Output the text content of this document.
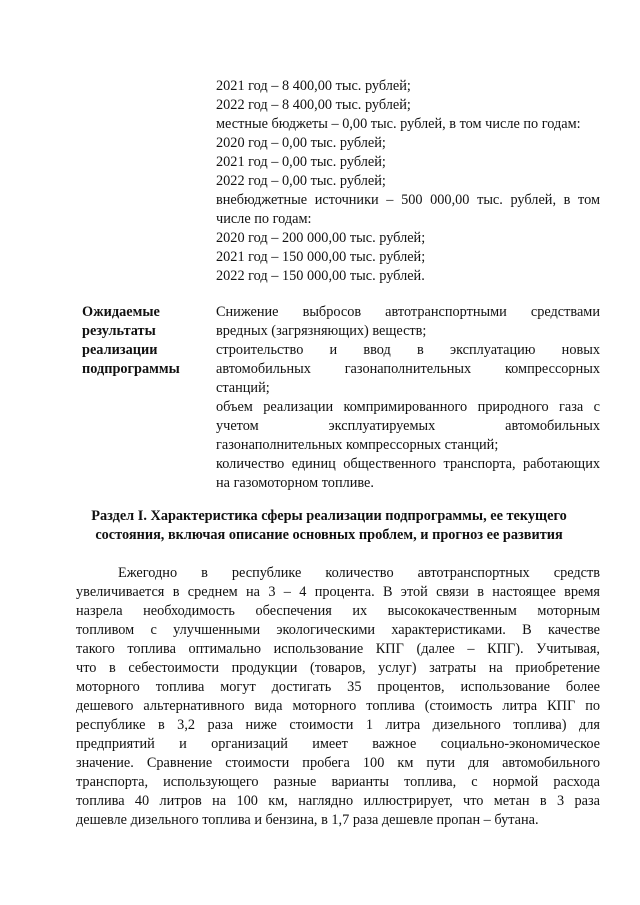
2021 год – 8 400,00 тыс. рублей;
2022 год – 8 400,00 тыс. рублей;
местные бюджеты – 0,00 тыс. рублей, в том числе по годам:
2020 год – 0,00 тыс. рублей;
2021 год – 0,00 тыс. рублей;
2022 год – 0,00 тыс. рублей;
внебюджетные источники – 500 000,00 тыс. рублей, в том
числе по годам:
2020 год – 200 000,00 тыс. рублей;
2021 год – 150 000,00 тыс. рублей;
2022 год – 150 000,00 тыс. рублей.
Ожидаемые
результаты
реализации
подпрограммы
Снижение выбросов автотранспортными средствами
вредных (загрязняющих) веществ;
строительство и ввод в эксплуатацию новых
автомобильных газонаполнительных компрессорных
станций;
объем реализации компримированного природного газа с
учетом эксплуатируемых автомобильных
газонаполнительных компрессорных станций;
количество единиц общественного транспорта, работающих
на газомоторном топливе.
Раздел I. Характеристика сферы реализации подпрограммы, ее текущего
состояния, включая описание основных проблем, и прогноз ее развития
Ежегодно в республике количество автотранспортных средств
увеличивается в среднем на 3 – 4 процента. В этой связи в настоящее время
назрела необходимость обеспечения их высококачественным моторным
топливом с улучшенными экологическими характеристиками. В качестве
такого топлива оптимально использование КПГ (далее – КПГ). Учитывая,
что в себестоимости продукции (товаров, услуг) затраты на приобретение
моторного топлива могут достигать 35 процентов, использование более
дешевого альтернативного вида моторного топлива (стоимость литра КПГ по
республике в 3,2 раза ниже стоимости 1 литра дизельного топлива) для
предприятий и организаций имеет важное социально-экономическое
значение. Сравнение стоимости пробега 100 км пути для автомобильного
транспорта, использующего разные варианты топлива, с нормой расхода
топлива 40 литров на 100 км, наглядно иллюстрирует, что метан в 3 раза
дешевле дизельного топлива и бензина, в 1,7 раза дешевле пропан – бутана.
